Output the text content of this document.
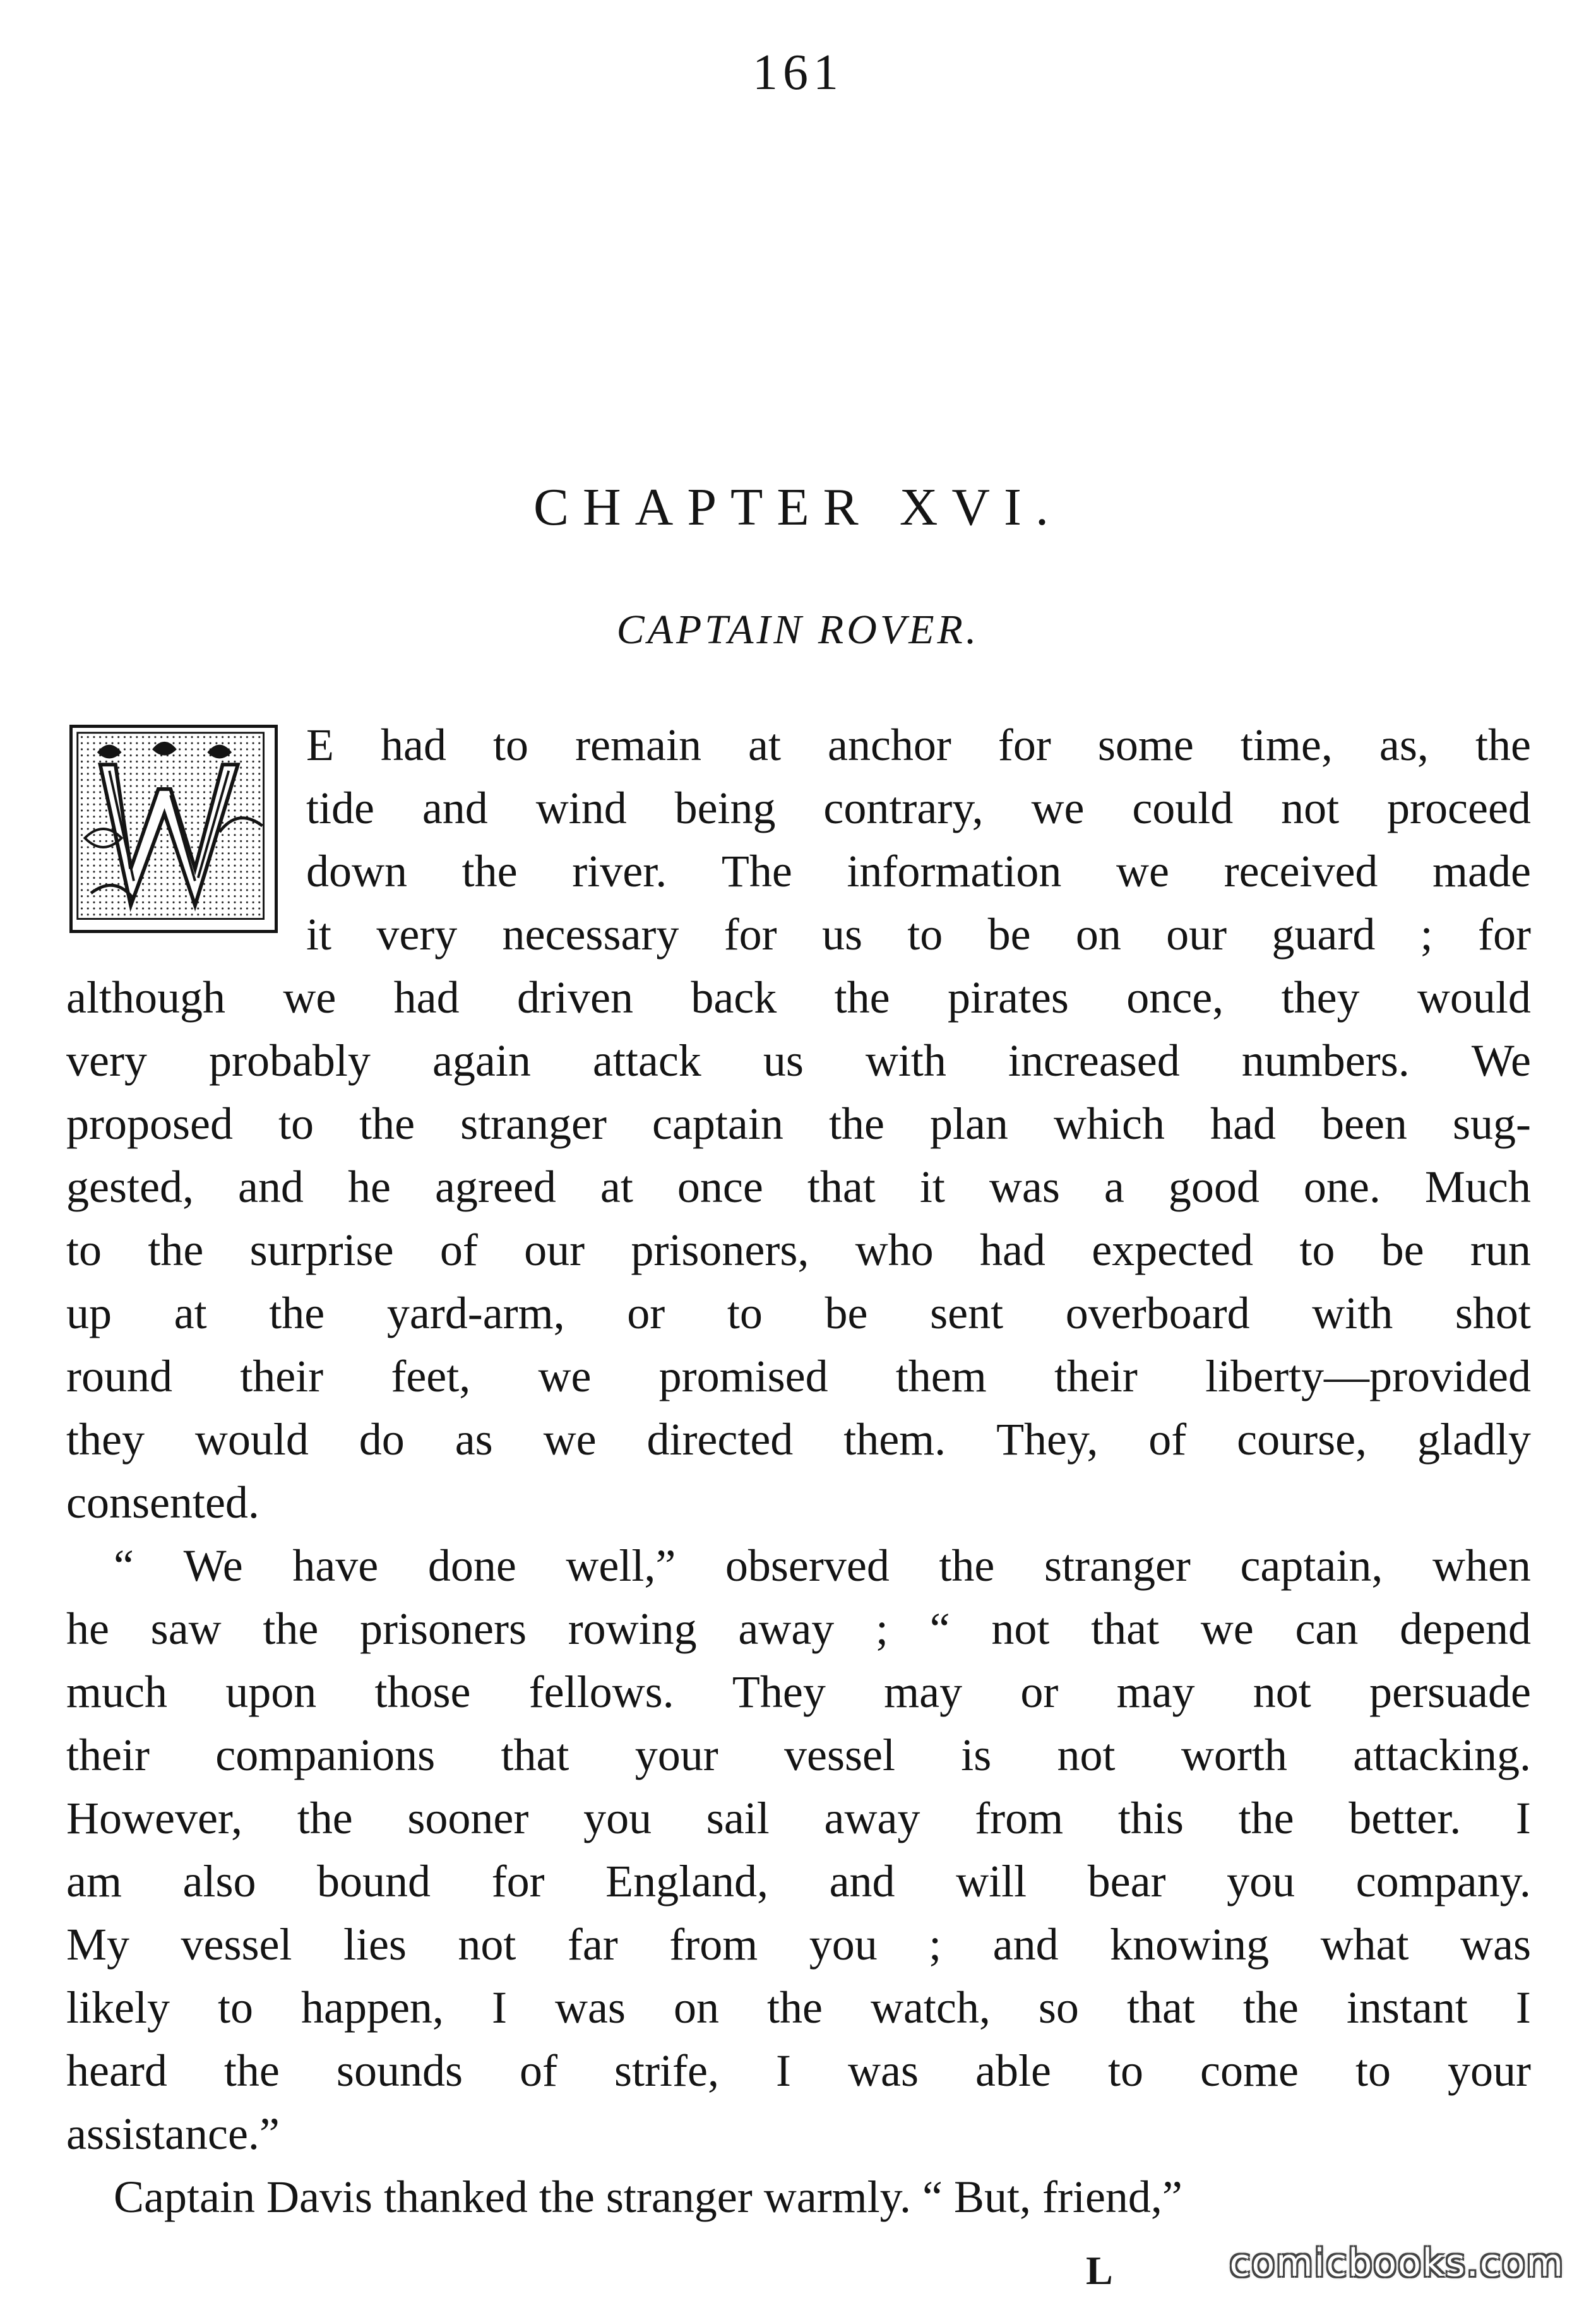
161
CHAPTER XVI.
CAPTAIN ROVER.
E had to remain at anchor for some time, as, the
tide and wind being contrary, we could not proceed
down the river. The information we received made
it very necessary for us to be on our guard ; for
although we had driven back the pirates once, they would
very probably again attack us with increased numbers. We
proposed to the stranger captain the plan which had been sug-
gested, and he agreed at once that it was a good one. Much
to the surprise of our prisoners, who had expected to be run
up at the yard-arm, or to be sent overboard with shot
round their feet, we promised them their liberty—provided
they would do as we directed them. They, of course, gladly
consented.
“ We have done well,” observed the stranger captain, when
he saw the prisoners rowing away ; “ not that we can depend
much upon those fellows. They may or may not persuade
their companions that your vessel is not worth attacking.
However, the sooner you sail away from this the better. I
am also bound for England, and will bear you company.
My vessel lies not far from you ; and knowing what was
likely to happen, I was on the watch, so that the instant I
heard the sounds of strife, I was able to come to your
assistance.”
Captain Davis thanked the stranger warmly. “ But, friend,”
L	comicbooks.com
